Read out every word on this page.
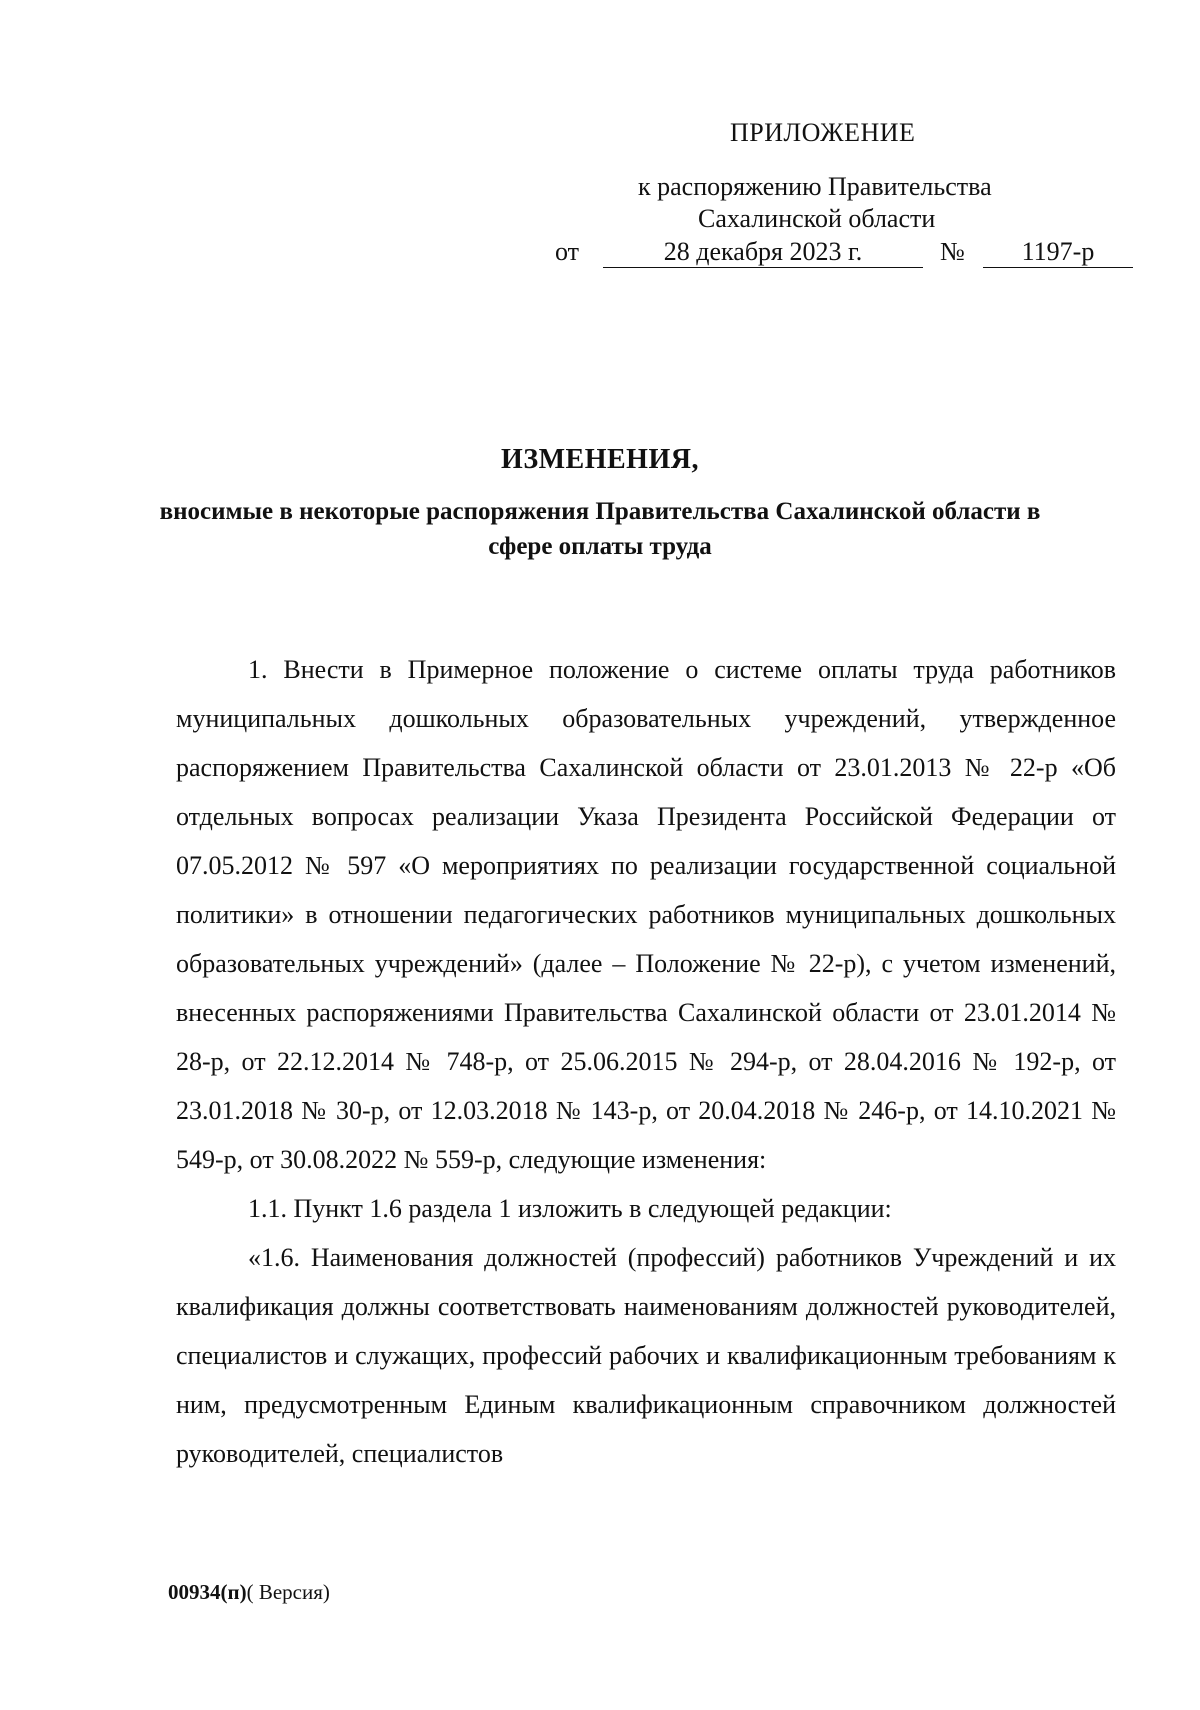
ПРИЛОЖЕНИЕ
к распоряжению Правительства
Сахалинской области
от	28 декабря 2023 г.	№	1197-р
ИЗМЕНЕНИЯ,
вносимые в некоторые распоряжения Правительства Сахалинской области в сфере оплаты труда

1. Внести в Примерное положение о системе оплаты труда работников муниципальных дошкольных образовательных учреждений, утвержденное распоряжением Правительства Сахалинской области от 23.01.2013 № 22-р «Об отдельных вопросах реализации Указа Президента Российской Федерации от 07.05.2012 № 597 «О мероприятиях по реализации государственной социальной политики» в отношении педагогических работников муниципальных дошкольных образовательных учреждений» (далее – Положение № 22-р), с учетом изменений, внесенных распоряжениями Правительства Сахалинской области от 23.01.2014 № 28-р, от 22.12.2014 № 748-р, от 25.06.2015 № 294-р, от 28.04.2016 № 192-р, от 23.01.2018 № 30-р, от 12.03.2018 № 143-р, от 20.04.2018 № 246-р, от 14.10.2021 № 549-р, от 30.08.2022 № 559-р, следующие изменения:

1.1. Пункт 1.6 раздела 1 изложить в следующей редакции:

«1.6. Наименования должностей (профессий) работников Учреждений и их квалификация должны соответствовать наименованиям должностей руководителей, специалистов и служащих, профессий рабочих и квалификационным требованиям к ним, предусмотренным Единым квалификационным справочником должностей руководителей, специалистов

00934(п)( Версия)
